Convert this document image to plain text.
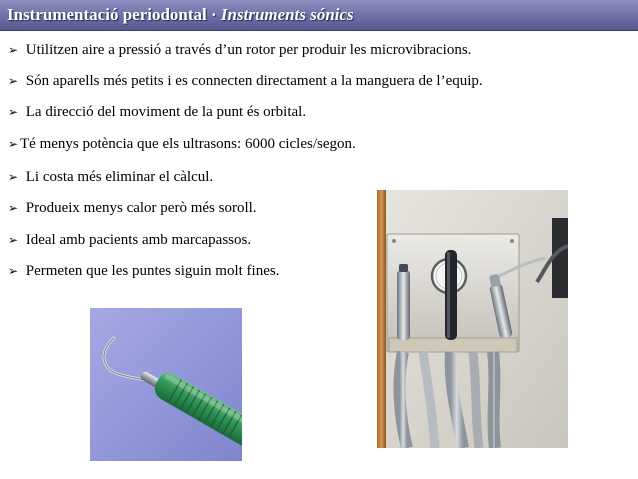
Instrumentació periodontal · Instruments sónics
➢ Utilitzen aire a pressió a través d’un rotor per produir les microvibracions.
➢ Són aparells més petits i es connecten directament a la manguera de l’equip.
➢ La direcció del moviment de la punt és orbital.
➢ Té menys potència que els ultrasons: 6000 cicles/segon.
➢ Li costa més eliminar el càlcul.
➢ Produeix menys calor però més soroll.
➢ Ideal amb pacients amb marcapassos.
➢ Permeten que les puntes siguin molt fines.
